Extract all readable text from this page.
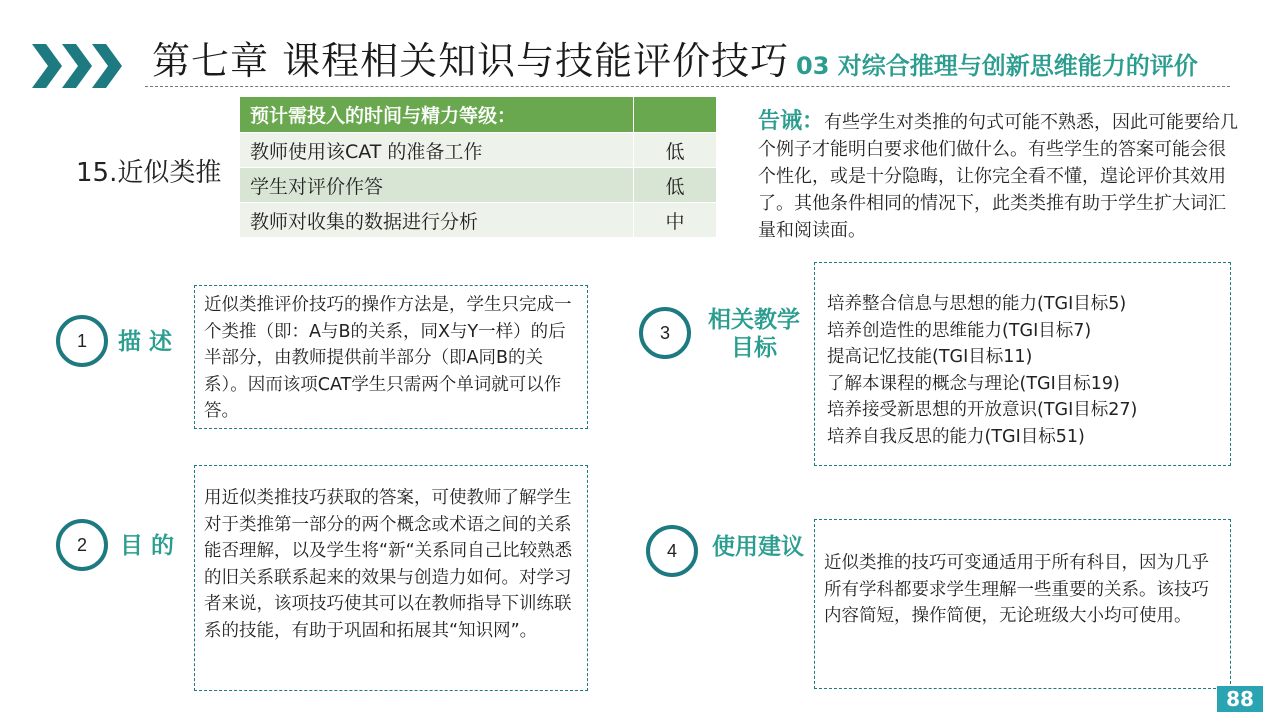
第七章 课程相关知识与技能评价技巧 03 对综合推理与创新思维能力的评价
15.近似类推
预计需投入的时间与精力等级：	
教师使用该CAT 的准备工作	低
学生对评价作答	低
教师对收集的数据进行分析	中
告诫：有些学生对类推的句式可能不熟悉，因此可能要给几个例子才能明白要求他们做什么。有些学生的答案可能会很个性化，或是十分隐晦，让你完全看不懂，遑论评价其效用了。其他条件相同的情况下，此类类推有助于学生扩大词汇量和阅读面。
1	描 述

近似类推评价技巧的操作方法是，学生只完成一个类推（即：A与B的关系，同X与Y一样）的后半部分，由教师提供前半部分（即A同B的关系）。因而该项CAT学生只需两个单词就可以作答。

2	目 的

用近似类推技巧获取的答案，可使教师了解学生对于类推第一部分的两个概念或术语之间的关系能否理解，以及学生将“新“关系同自己比较熟悉的旧关系联系起来的效果与创造力如何。对学习者来说，该项技巧使其可以在教师指导下训练联系的技能，有助于巩固和拓展其“知识网”。

3	相关教学
目标
培养整合信息与思想的能力(TGI目标5)
培养创造性的思维能力(TGI目标7)
提高记忆技能(TGI目标11)
了解本课程的概念与理论(TGI目标19)
培养接受新思想的开放意识(TGI目标27)
培养自我反思的能力(TGI目标51)
4	使用建议

近似类推的技巧可变通适用于所有科目，因为几乎所有学科都要求学生理解一些重要的关系。该技巧内容简短，操作简便，无论班级大小均可使用。

88
